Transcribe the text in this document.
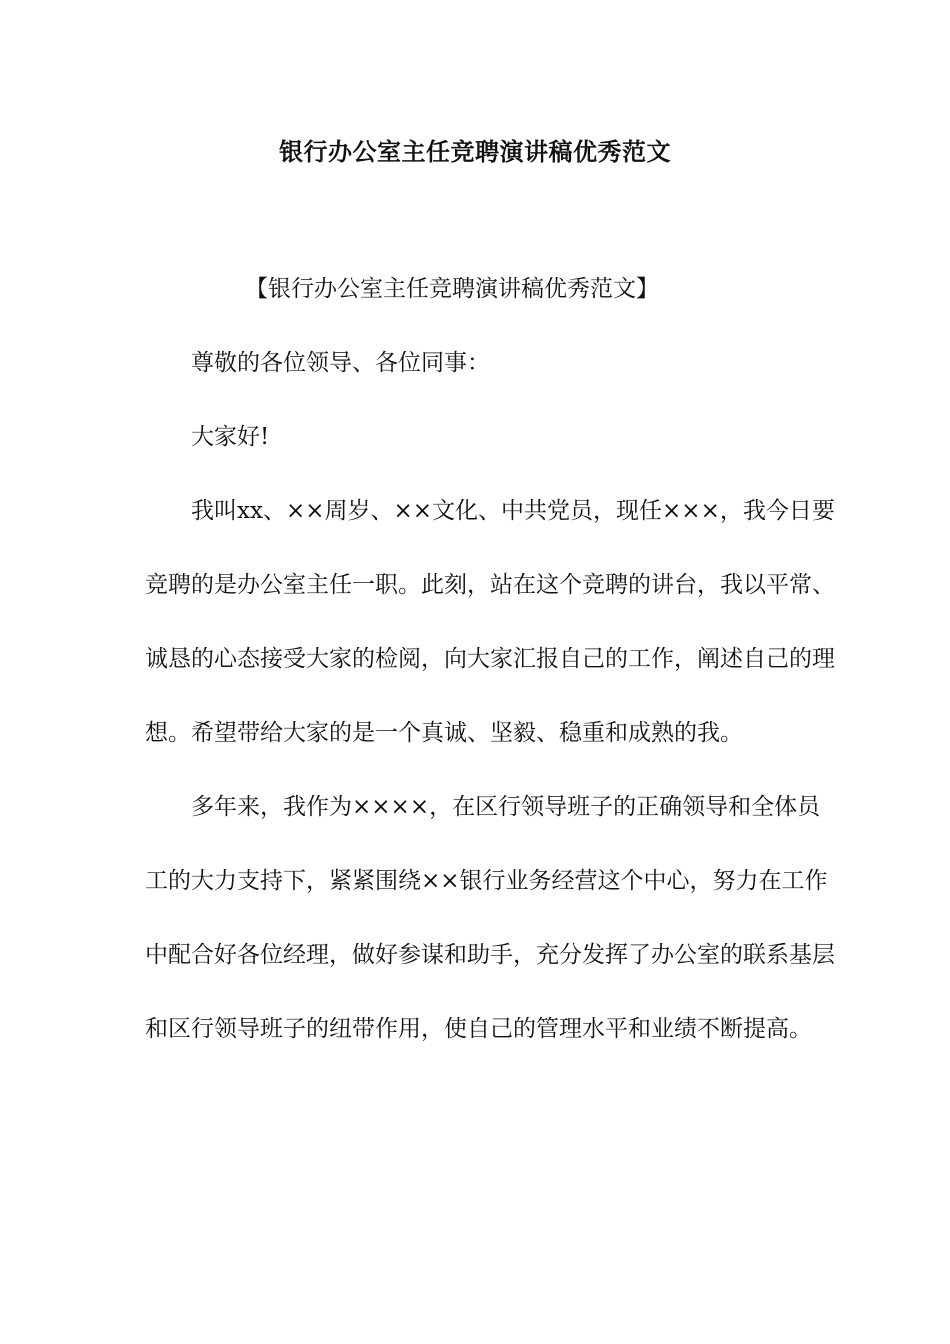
银行办公室主任竞聘演讲稿优秀范文

【银行办公室主任竞聘演讲稿优秀范文】

尊敬的各位领导、各位同事：

大家好!

我叫xx、××周岁、××文化、中共党员，现任×××，我今日要竞聘的是办公室主任一职。此刻，站在这个竞聘的讲台，我以平常、诚恳的心态接受大家的检阅，向大家汇报自己的工作，阐述自己的理想。希望带给大家的是一个真诚、坚毅、稳重和成熟的我。

多年来，我作为××××，在区行领导班子的正确领导和全体员工的大力支持下，紧紧围绕××银行业务经营这个中心，努力在工作中配合好各位经理，做好参谋和助手，充分发挥了办公室的联系基层和区行领导班子的纽带作用，使自己的管理水平和业绩不断提高。
